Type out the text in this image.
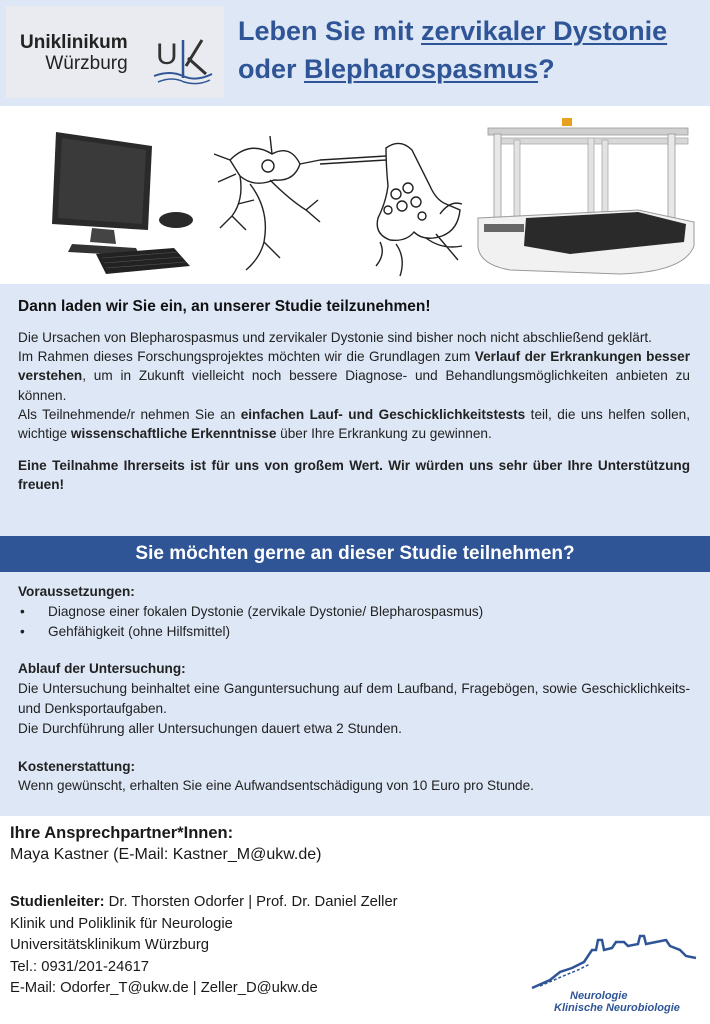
Uniklinikum
Würzburg U
Leben Sie mit zervikaler Dystonie
oder Blepharospasmus?
Dann laden wir Sie ein, an unserer Studie teilzunehmen!

Die Ursachen von Blepharospasmus und zervikaler Dystonie sind bisher noch nicht abschließend geklärt.
Im Rahmen dieses Forschungsprojektes möchten wir die Grundlagen zum Verlauf der Erkrankungen besser verstehen, um in Zukunft vielleicht noch bessere Diagnose- und Behandlungsmöglichkeiten anbieten zu können.
Als Teilnehmende/r nehmen Sie an einfachen Lauf- und Geschicklichkeitstests teil, die uns helfen sollen, wichtige wissenschaftliche Erkenntnisse über Ihre Erkrankung zu gewinnen.

Eine Teilnahme Ihrerseits ist für uns von großem Wert. Wir würden uns sehr über Ihre Unterstützung freuen!

Sie möchten gerne an dieser Studie teilnehmen?
Voraussetzungen:
• Diagnose einer fokalen Dystonie (zervikale Dystonie/ Blepharospasmus)
• Gehfähigkeit (ohne Hilfsmittel)
Ablauf der Untersuchung:
Die Untersuchung beinhaltet eine Ganguntersuchung auf dem Laufband, Fragebögen, sowie Geschicklichkeits- und Denksportaufgaben.
Die Durchführung aller Untersuchungen dauert etwa 2 Stunden.
Kostenerstattung:
Wenn gewünscht, erhalten Sie eine Aufwandsentschädigung von 10 Euro pro Stunde.
Ihre Ansprechpartner*Innen:
Maya Kastner (E-Mail: Kastner_M@ukw.de)
Studienleiter: Dr. Thorsten Odorfer | Prof. Dr. Daniel Zeller
Klinik und Poliklinik für Neurologie
Universitätsklinikum Würzburg
Tel.: 0931/201-24617
E-Mail: Odorfer_T@ukw.de | Zeller_D@ukw.de	Neurologie
Klinische Neurobiologie
